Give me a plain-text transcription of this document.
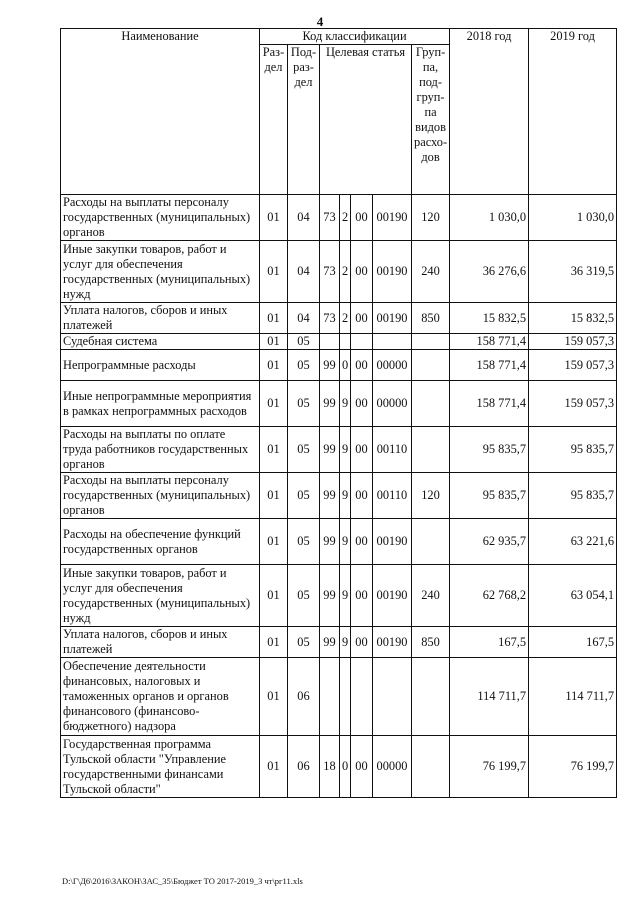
4
Наименование	Код классификации							2018 год	2019 год
	Раз-дел	Под-раз-дел	Целевая статья				Груп-па, под-груп-па видов расхо-дов		
Расходы на выплаты персоналу государственных (муниципальных) органов	01	04	73	2	00	00190	120	1 030,0	1 030,0
Иные закупки товаров, работ и услуг для обеспечения государственных (муниципальных) нужд	01	04	73	2	00	00190	240	36 276,6	36 319,5
Уплата налогов, сборов и иных платежей	01	04	73	2	00	00190	850	15 832,5	15 832,5
Судебная система	01	05						158 771,4	159 057,3
Непрограммные расходы	01	05	99	0	00	00000		158 771,4	159 057,3
Иные непрограммные мероприятия в рамках непрограммных расходов	01	05	99	9	00	00000		158 771,4	159 057,3
Расходы на выплаты по оплате труда работников государственных органов	01	05	99	9	00	00110		95 835,7	95 835,7
Расходы на выплаты персоналу государственных (муниципальных) органов	01	05	99	9	00	00110	120	95 835,7	95 835,7
Расходы на обеспечение функций государственных органов	01	05	99	9	00	00190		62 935,7	63 221,6
Иные закупки товаров, работ и услуг для обеспечения государственных (муниципальных) нужд	01	05	99	9	00	00190	240	62 768,2	63 054,1
Уплата налогов, сборов и иных платежей	01	05	99	9	00	00190	850	167,5	167,5
Обеспечение деятельности финансовых, налоговых и таможенных органов и органов финансового (финансово-бюджетного) надзора	01	06						114 711,7	114 711,7
Государственная программа Тульской области "Управление государственными финансами Тульской области"	01	06	18	0	00	00000		76 199,7	76 199,7
D:\Г\Д6\2016\ЗАКОН\ЗАС_35\Бюджет ТО 2017-2019_3 чт\рг11.xls
